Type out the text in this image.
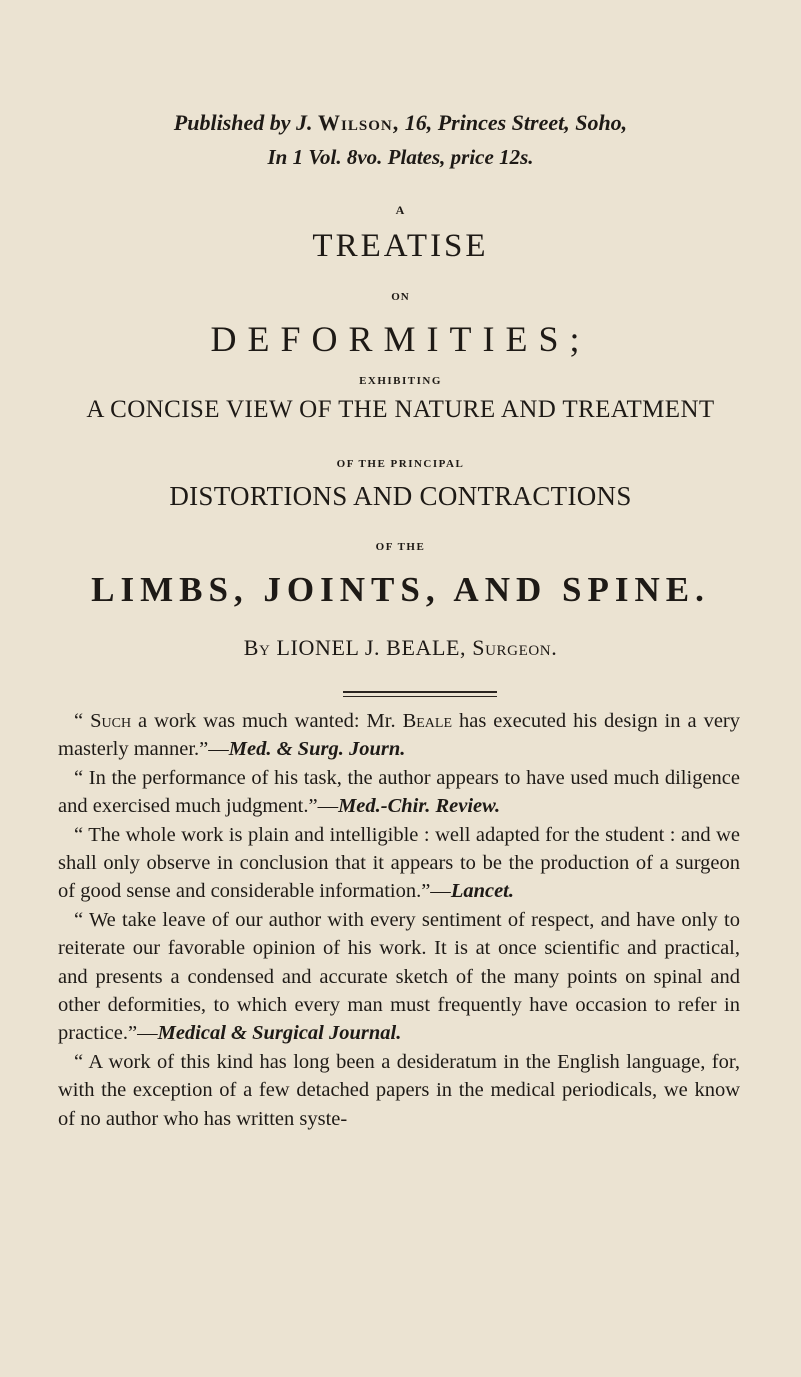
Published by J. Wilson, 16, Princes Street, Soho,
In 1 Vol. 8vo. Plates, price 12s.
A
TREATISE
ON
DEFORMITIES;
EXHIBITING
A CONCISE VIEW OF THE NATURE AND TREATMENT
OF THE PRINCIPAL
DISTORTIONS AND CONTRACTIONS
OF THE
LIMBS, JOINTS, AND SPINE.
By LIONEL J. BEALE, Surgeon.

“ Such a work was much wanted: Mr. Beale has executed his design in a very masterly manner.”—Med. & Surg. Journ.

“ In the performance of his task, the author appears to have used much diligence and exercised much judgment.”—Med.-Chir. Review.

“ The whole work is plain and intelligible : well adapted for the student : and we shall only observe in conclusion that it appears to be the production of a surgeon of good sense and considerable information.”—Lancet.

“ We take leave of our author with every sentiment of respect, and have only to reiterate our favorable opinion of his work. It is at once scientific and practical, and presents a condensed and accurate sketch of the many points on spinal and other deformities, to which every man must frequently have occasion to refer in practice.”—Medical & Surgical Journal.

“ A work of this kind has long been a desideratum in the English language, for, with the exception of a few detached papers in the medical periodicals, we know of no author who has written syste-
